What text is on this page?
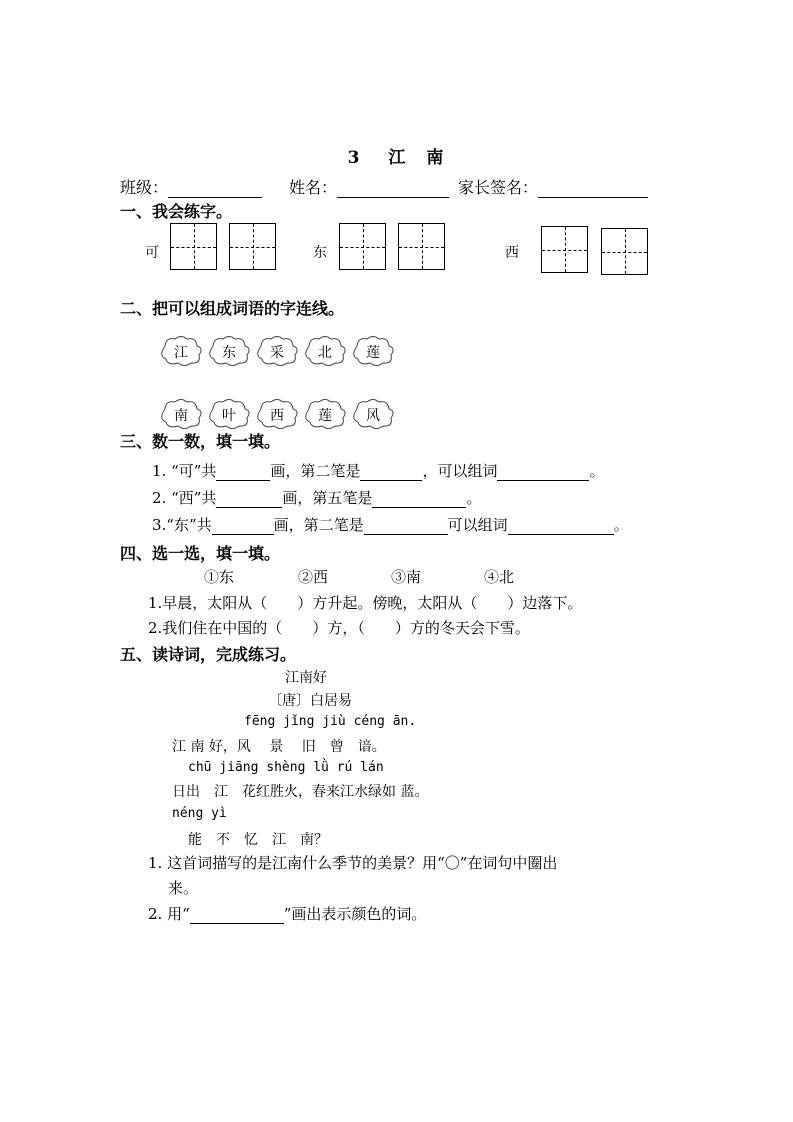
3　 江　南
班级：	姓名：	家长签名：
一、我会练字。
可	东	西
二、把可以组成词语的字连线。
江	东	采	北	莲
南	叶	西	莲	风
三、数一数，填一填。
1. “可”共	画，第二笔是	，可以组词	。
2. “西”共	画，第五笔是	。
3.“东”共	画，第二笔是	可以组词	。
四、选一选，填一填。
①东	②西	③南	④北
1.早晨，太阳从（　　）方升起。傍晚，太阳从（　　）边落下。
2.我们住在中国的（　　）方，（　　）方的冬天会下雪。
五、读诗词，完成练习。
江南好
〔唐〕白居易
fēng jǐng jiù céng ān.
江 南 好，风　 景　 旧　曾　谙。
chū jiāng shèng lǜ rú lán
日出　江　花红胜火，春来江水绿如 蓝。
néng yì
能　不　忆　江　南？
1. 这首词描写的是江南什么季节的美景？用“〇”在词句中圈出
来。
2. 用“	”画出表示颜色的词。
